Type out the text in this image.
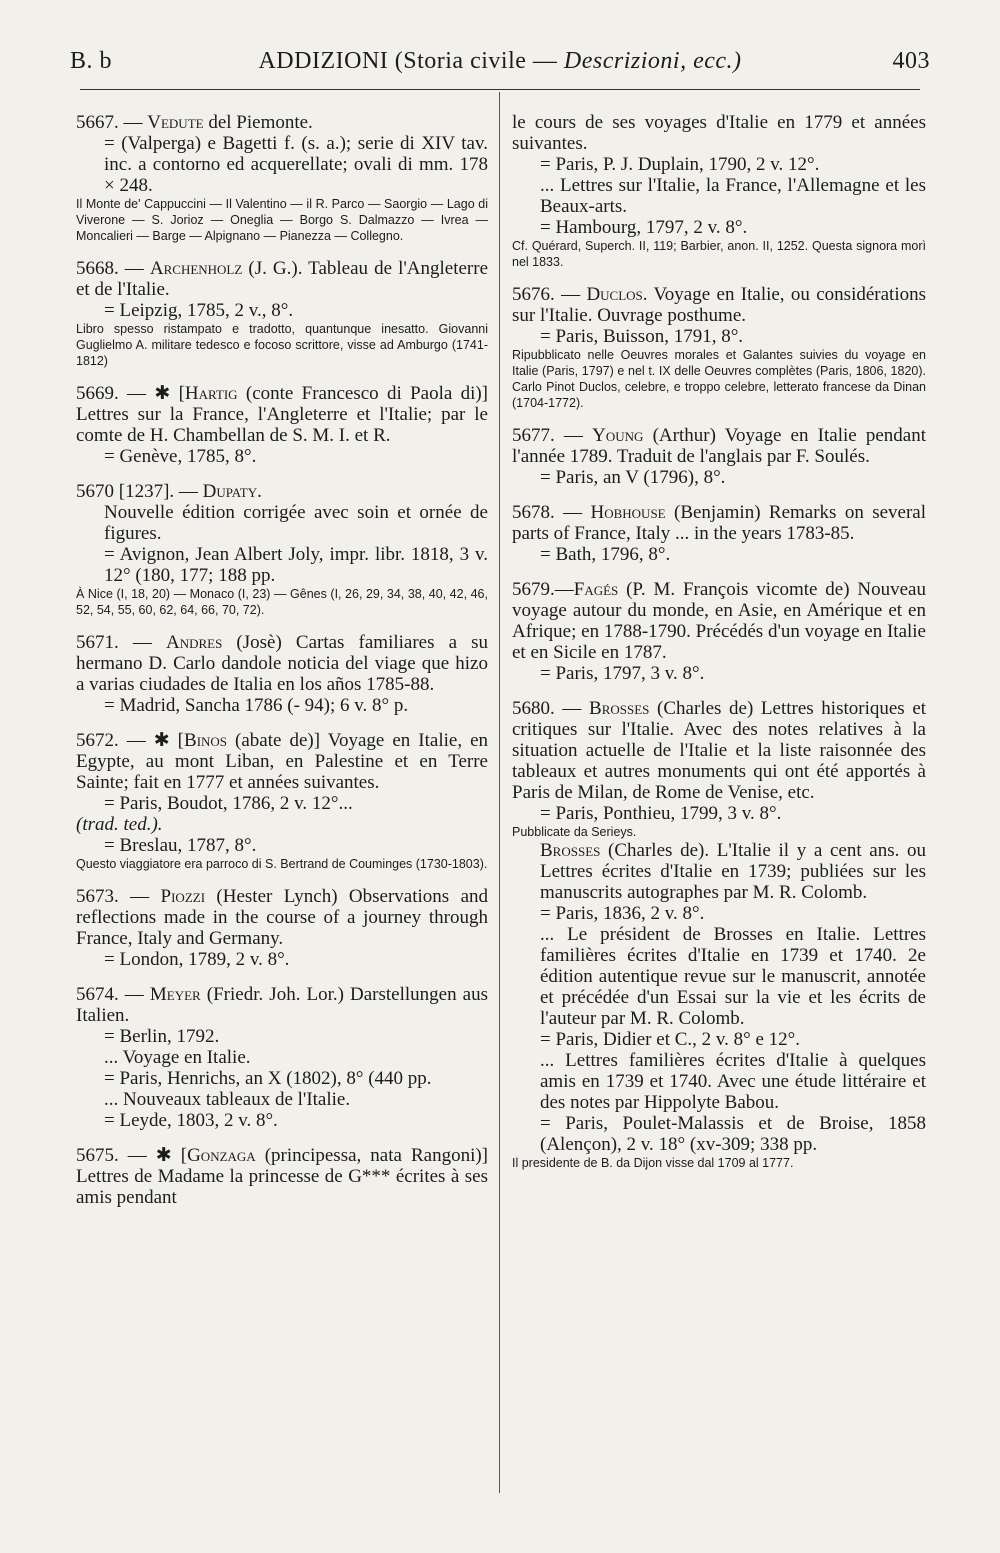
B. b	ADDIZIONI (Storia civile — Descrizioni, ecc.)	403

5667. — Vedute del Piemonte.

= (Valperga) e Bagetti f. (s. a.); serie di XIV tav. inc. a contorno ed acquerellate; ovali di mm. 178 × 248.

Il Monte de' Cappuccini — Il Valentino — il R. Parco — Saorgio — Lago di Viverone — S. Jorioz — Oneglia — Borgo S. Dalmazzo — Ivrea — Moncalieri — Barge — Alpignano — Pianezza — Collegno.

5668. — Archenholz (J. G.). Tableau de l'Angleterre et de l'Italie.

= Leipzig, 1785, 2 v., 8°.

Libro spesso ristampato e tradotto, quantunque inesatto. Giovanni Guglielmo A. militare tedesco e focoso scrittore, visse ad Amburgo (1741-1812)

5669. — ✱ [Hartig (conte Francesco di Paola di)] Lettres sur la France, l'Angleterre et l'Italie; par le comte de H. Chambellan de S. M. I. et R.

= Genève, 1785, 8°.

5670 [1237]. — Dupaty.

Nouvelle édition corrigée avec soin et ornée de figures.

= Avignon, Jean Albert Joly, impr. libr. 1818, 3 v. 12° (180, 177; 188 pp.

À Nice (I, 18, 20) — Monaco (I, 23) — Gênes (I, 26, 29, 34, 38, 40, 42, 46, 52, 54, 55, 60, 62, 64, 66, 70, 72).

5671. — Andres (Josè) Cartas familiares a su hermano D. Carlo dandole noticia del viage que hizo a varias ciudades de Italia en los años 1785-88.

= Madrid, Sancha 1786 (- 94); 6 v. 8° p.

5672. — ✱ [Binos (abate de)] Voyage en Italie, en Egypte, au mont Liban, en Palestine et en Terre Sainte; fait en 1777 et années suivantes.

= Paris, Boudot, 1786, 2 v. 12°...

(trad. ted.).

= Breslau, 1787, 8°.

Questo viaggiatore era parroco di S. Bertrand de Couminges (1730-1803).

5673. — Piozzi (Hester Lynch) Observations and reflections made in the course of a journey through France, Italy and Germany.

= London, 1789, 2 v. 8°.

5674. — Meyer (Friedr. Joh. Lor.) Darstellungen aus Italien.

= Berlin, 1792.

... Voyage en Italie.

= Paris, Henrichs, an X (1802), 8° (440 pp.

... Nouveaux tableaux de l'Italie.

= Leyde, 1803, 2 v. 8°.

5675. — ✱ [Gonzaga (principessa, nata Rangoni)] Lettres de Madame la princesse de G*** écrites à ses amis pendant

le cours de ses voyages d'Italie en 1779 et années suivantes.

= Paris, P. J. Duplain, 1790, 2 v. 12°.

... Lettres sur l'Italie, la France, l'Allemagne et les Beaux-arts.

= Hambourg, 1797, 2 v. 8°.

Cf. Quérard, Superch. II, 119; Barbier, anon. II, 1252. Questa signora morì nel 1833.

5676. — Duclos. Voyage en Italie, ou considérations sur l'Italie. Ouvrage posthume.

= Paris, Buisson, 1791, 8°.

Ripubblicato nelle Oeuvres morales et Galantes suivies du voyage en Italie (Paris, 1797) e nel t. IX delle Oeuvres complètes (Paris, 1806, 1820). Carlo Pinot Duclos, celebre, e troppo celebre, letterato francese da Dinan (1704-1772).

5677. — Young (Arthur) Voyage en Italie pendant l'année 1789. Traduit de l'anglais par F. Soulés.

= Paris, an V (1796), 8°.

5678. — Hobhouse (Benjamin) Remarks on several parts of France, Italy ... in the years 1783-85.

= Bath, 1796, 8°.

5679.—Fagés (P. M. François vicomte de) Nouveau voyage autour du monde, en Asie, en Amérique et en Afrique; en 1788-1790. Précédés d'un voyage en Italie et en Sicile en 1787.

= Paris, 1797, 3 v. 8°.

5680. — Brosses (Charles de) Lettres historiques et critiques sur l'Italie. Avec des notes relatives à la situation actuelle de l'Italie et la liste raisonnée des tableaux et autres monuments qui ont été apportés à Paris de Milan, de Rome de Venise, etc.

= Paris, Ponthieu, 1799, 3 v. 8°.

Pubblicate da Serieys.

Brosses (Charles de). L'Italie il y a cent ans. ou Lettres écrites d'Italie en 1739; publiées sur les manuscrits autographes par M. R. Colomb.

= Paris, 1836, 2 v. 8°.

... Le président de Brosses en Italie. Lettres familières écrites d'Italie en 1739 et 1740. 2e édition autentique revue sur le manuscrit, annotée et précédée d'un Essai sur la vie et les écrits de l'auteur par M. R. Colomb.

= Paris, Didier et C., 2 v. 8° e 12°.

... Lettres familières écrites d'Italie à quelques amis en 1739 et 1740. Avec une étude littéraire et des notes par Hippolyte Babou.

= Paris, Poulet-Malassis et de Broise, 1858 (Alençon), 2 v. 18° (xv-309; 338 pp.

Il presidente de B. da Dijon visse dal 1709 al 1777.
